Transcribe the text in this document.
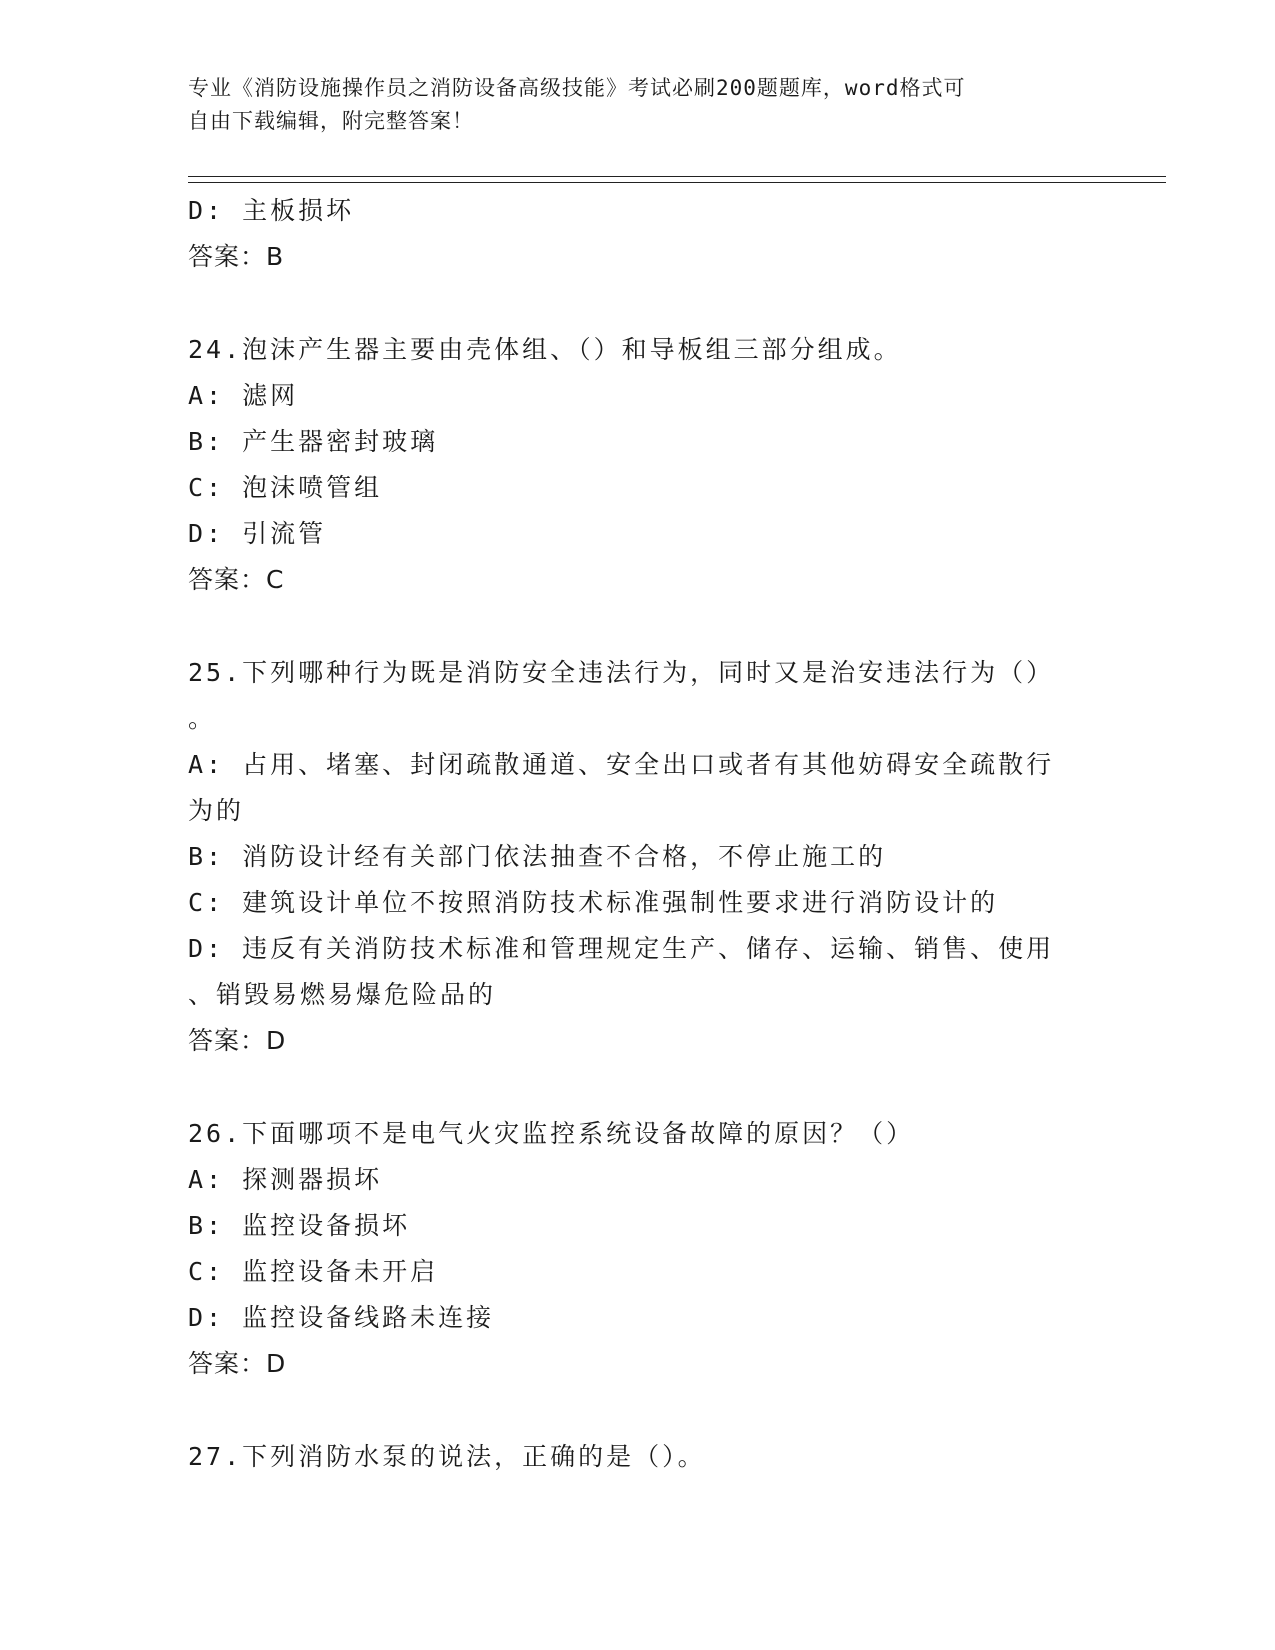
专业《消防设施操作员之消防设备高级技能》考试必刷200题题库，word格式可
自由下载编辑，附完整答案！

D: 主板损坏

答案：B

24.泡沫产生器主要由壳体组、（）和导板组三部分组成。

A: 滤网

B: 产生器密封玻璃

C: 泡沫喷管组

D: 引流管

答案：C

25.下列哪种行为既是消防安全违法行为，同时又是治安违法行为（）

。

A: 占用、堵塞、封闭疏散通道、安全出口或者有其他妨碍安全疏散行

为的

B: 消防设计经有关部门依法抽查不合格，不停止施工的

C: 建筑设计单位不按照消防技术标准强制性要求进行消防设计的

D: 违反有关消防技术标准和管理规定生产、储存、运输、销售、使用

、销毁易燃易爆危险品的

答案：D

26.下面哪项不是电气火灾监控系统设备故障的原因？（）

A: 探测器损坏

B: 监控设备损坏

C: 监控设备未开启

D: 监控设备线路未连接

答案：D

27.下列消防水泵的说法，正确的是（）。
